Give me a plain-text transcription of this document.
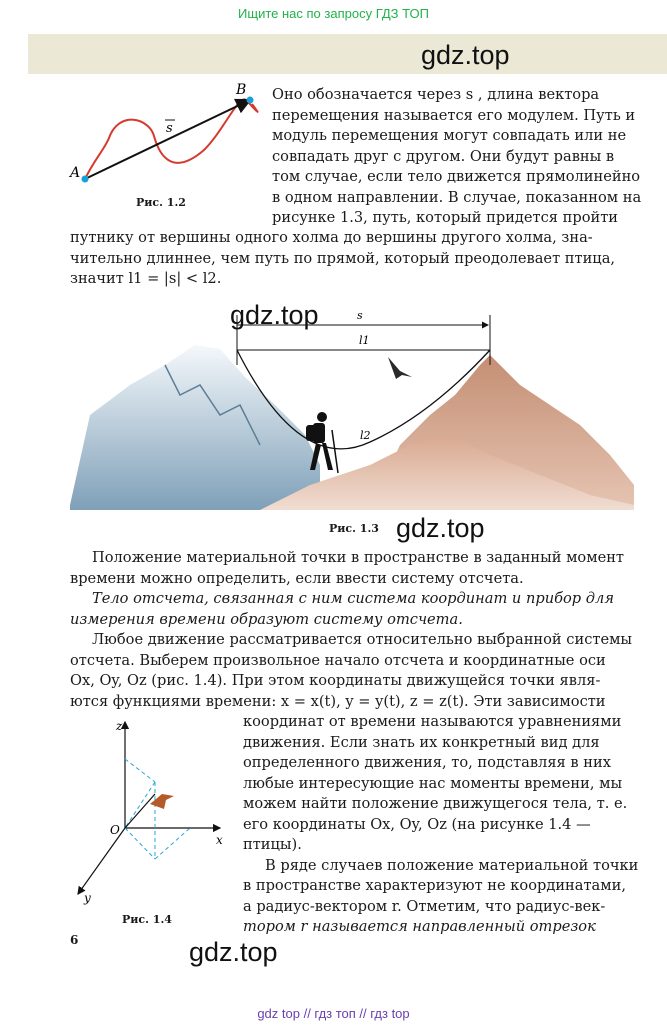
Ищите нас по запросу ГДЗ ТОП
gdz.top
A
B
s
Рис. 1.2
Оно обозначается через s , длина вектора
перемещения называется его модулем. Путь и
модуль перемещения могут совпадать или не
совпадать друг с другом. Они будут равны в
том случае, если тело движется прямолинейно
в одном направлении. В случае, показанном на
рисунке 1.3, путь, который придется пройти
путнику от вершины одного холма до вершины другого холма, зна-
чительно длиннее, чем путь по прямой, который преодолевает птица,
значит l1 = |s| < l2.
gdz.top	s
l1
l2
Рис. 1.3 gdz.top
Положение материальной точки в пространстве в заданный момент
времени можно определить, если ввести систему отсчета.
Тело отсчета, связанная с ним система координат и прибор для
измерения времени образуют систему отсчета.
Любое движение рассматривается относительно выбранной системы
отсчета. Выберем произвольное начало отсчета и координатные оси
Ox, Oy, Oz (рис. 1.4). При этом координаты движущейся точки явля-
ются функциями времени: x = x(t), y = y(t), z = z(t). Эти зависимости
z
x
y
O
Рис. 1.4
координат от времени называются уравнениями
движения. Если знать их конкретный вид для
определенного движения, то, подставляя в них
любые интересующие нас моменты времени, мы
можем найти положение движущегося тела, т. е.
его координаты Ox, Oy, Oz (на рисунке 1.4 —
птицы).
В ряде случаев положение материальной точки
в пространстве характеризуют не координатами,
а радиус-вектором r. Отметим, что радиус-век-
тором r называется направленный отрезок
6	gdz.top
gdz top // гдз топ // гдз top
